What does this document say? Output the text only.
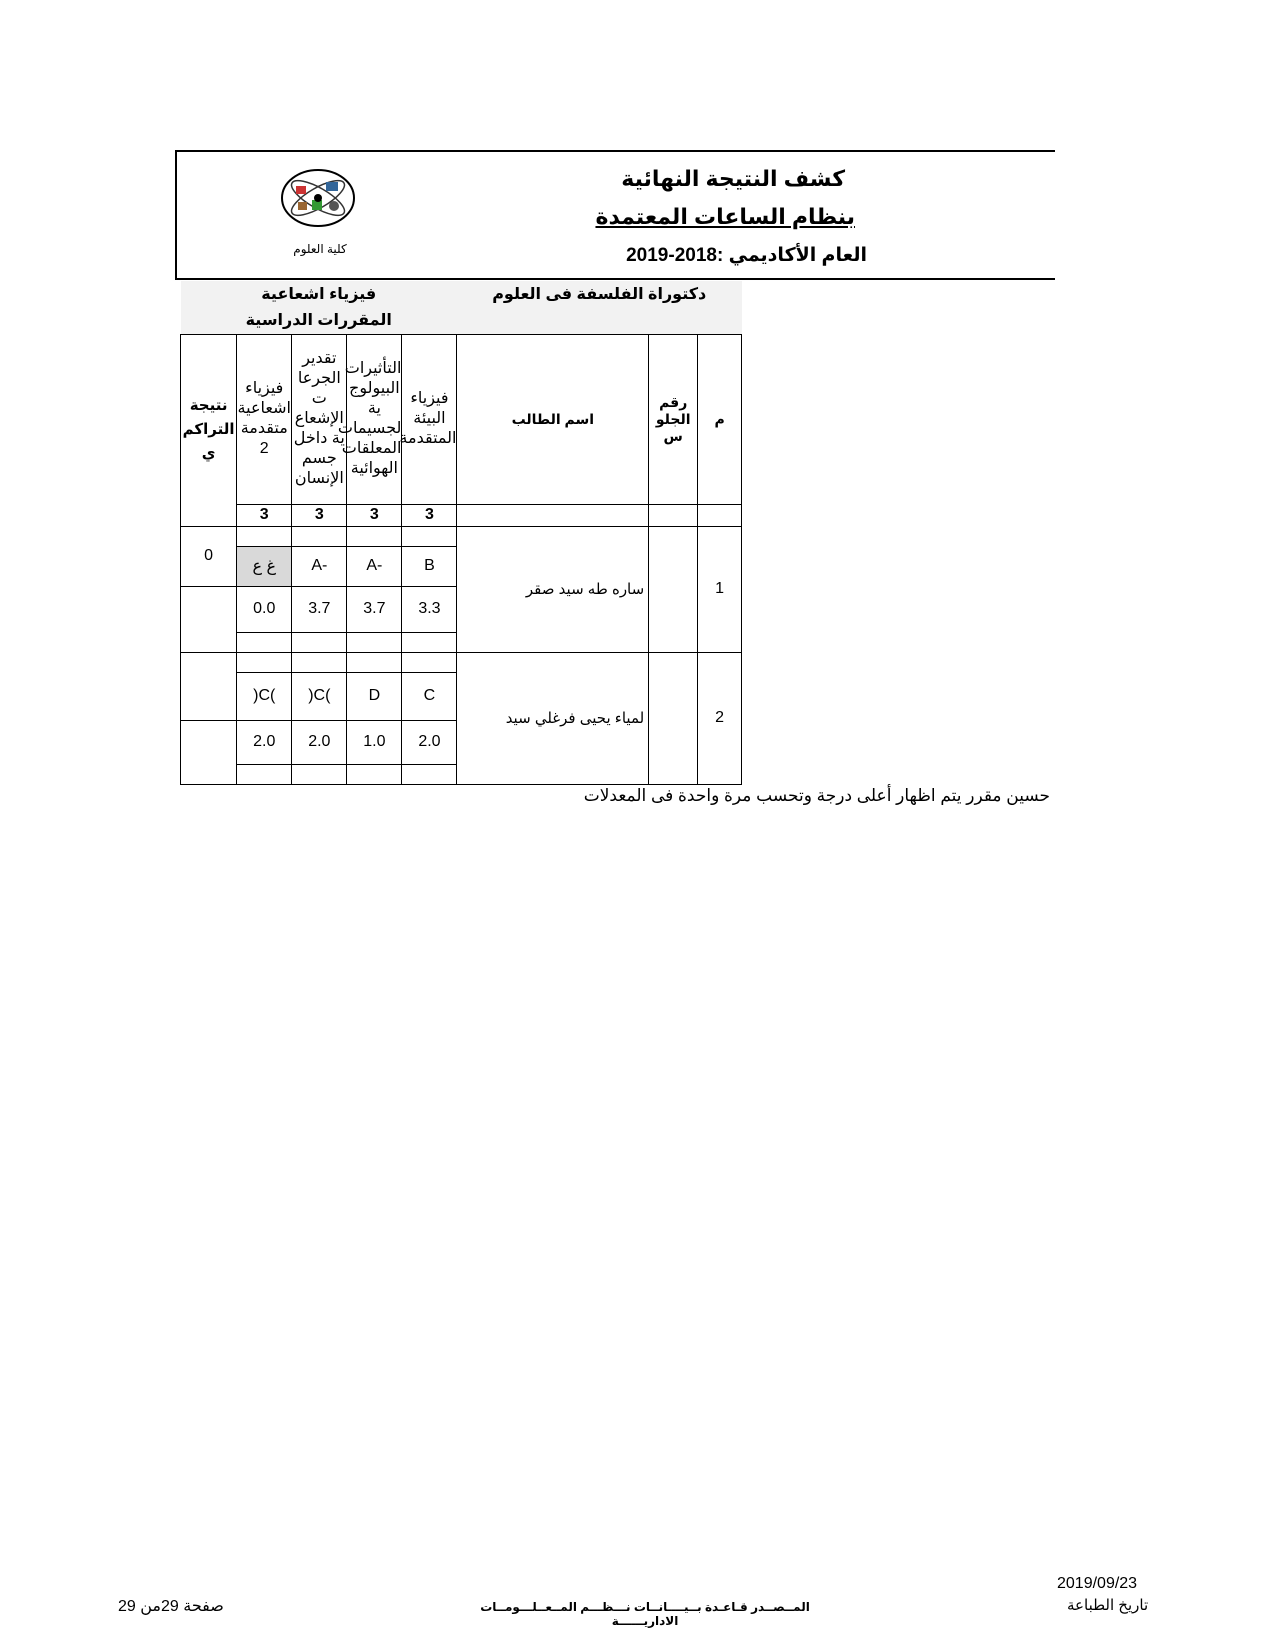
كشف النتيجة النهائية
بنظام الساعات المعتمدة
العام الأكاديمي :2018-2019
كلية العلوم
دكتوراة الفلسفة فى العلوم			فيزياء اشعاعية				
			المقررات الدراسية				
م	رقم الجلو س	اسم الطالب	فيزياء البيئة المتقدمة	التأثيرات البيولوج ية لجسيمات المعلقات الهوائية	تقدير الجرعا ت الإشعاع ية داخل جسم الإنسان	فيزياء اشعاعية متقدمة 2	نتيجة التراكم ي
			3	3	3	3	
1		ساره طه سيد صقر					0
			B	-A	-A	غ ع	
			3.3	3.7	3.7	0.0	

2		لمياء يحيى فرغلي سيد					
			C	D	)C(	)C(	
			2.0	1.0	2.0	2.0	

حسين مقرر يتم اظهار أعلى درجة وتحسب مرة واحدة فى المعدلات
2019/09/23
تاريخ الطباعة
المــصــدر قـاعـدة بــيــــانــات نـــظـــم المــعــلـــومــات الاداريــــــة
صفحة 29من 29
